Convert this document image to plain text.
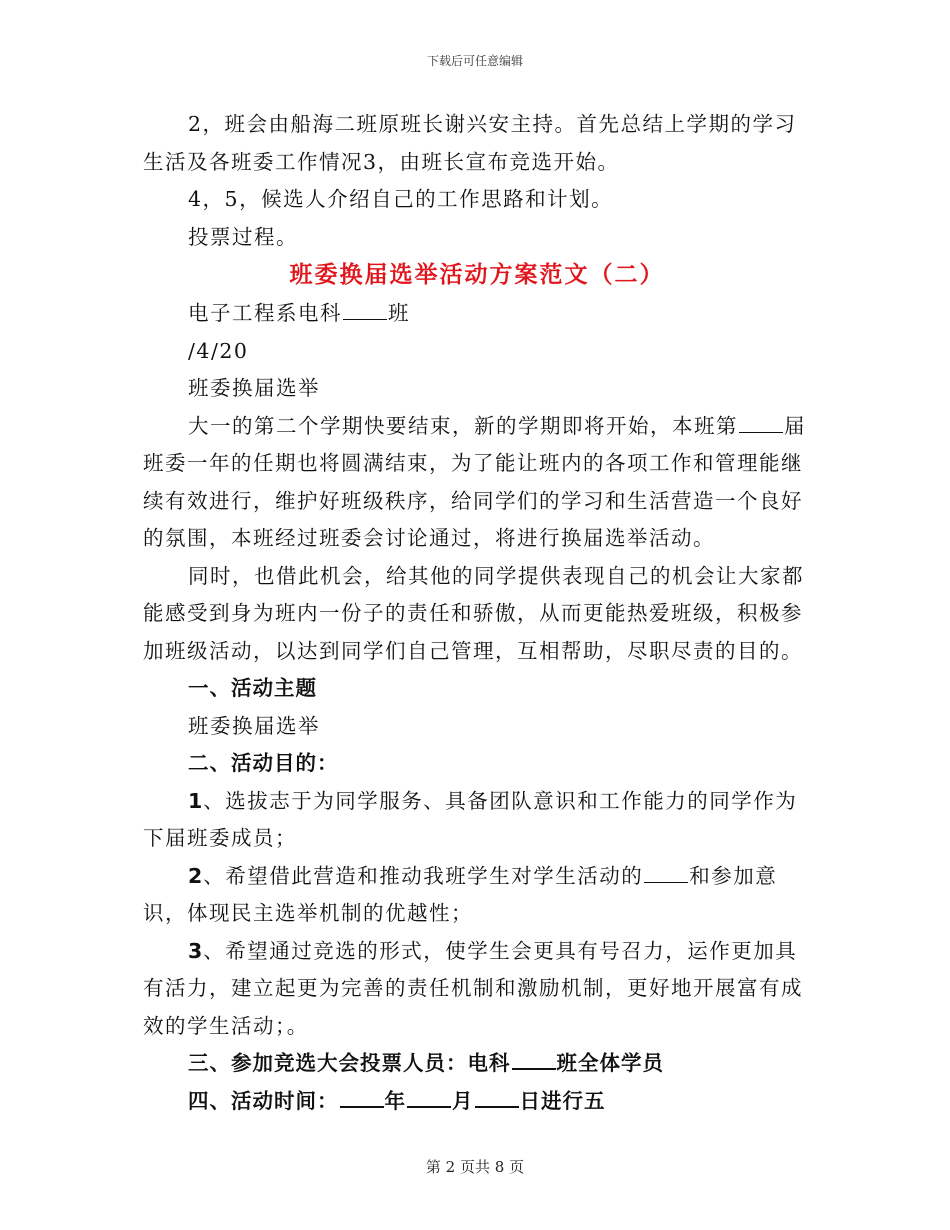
下载后可任意编辑

2，班会由船海二班原班长谢兴安主持。首先总结上学期的学习生活及各班委工作情况3，由班长宣布竞选开始。

4，5，候选人介绍自己的工作思路和计划。

投票过程。

班委换届选举活动方案范文（二）

电子工程系电科 班

/4/20

班委换届选举

大一的第二个学期快要结束，新的学期即将开始，本班第 届班委一年的任期也将圆满结束，为了能让班内的各项工作和管理能继续有效进行，维护好班级秩序，给同学们的学习和生活营造一个良好的氛围，本班经过班委会讨论通过，将进行换届选举活动。

同时，也借此机会，给其他的同学提供表现自己的机会让大家都能感受到身为班内一份子的责任和骄傲，从而更能热爱班级，积极参加班级活动，以达到同学们自己管理，互相帮助，尽职尽责的目的。

一、活动主题

班委换届选举

二、活动目的：

1、选拔志于为同学服务、具备团队意识和工作能力的同学作为下届班委成员；

2、希望借此营造和推动我班学生对学生活动的 和参加意识，体现民主选举机制的优越性；

3、希望通过竞选的形式，使学生会更具有号召力，运作更加具有活力，建立起更为完善的责任机制和激励机制，更好地开展富有成效的学生活动；。

三、参加竞选大会投票人员：电科 班全体学员

四、活动时间： 年 月 日进行五

第 2 页共 8 页
